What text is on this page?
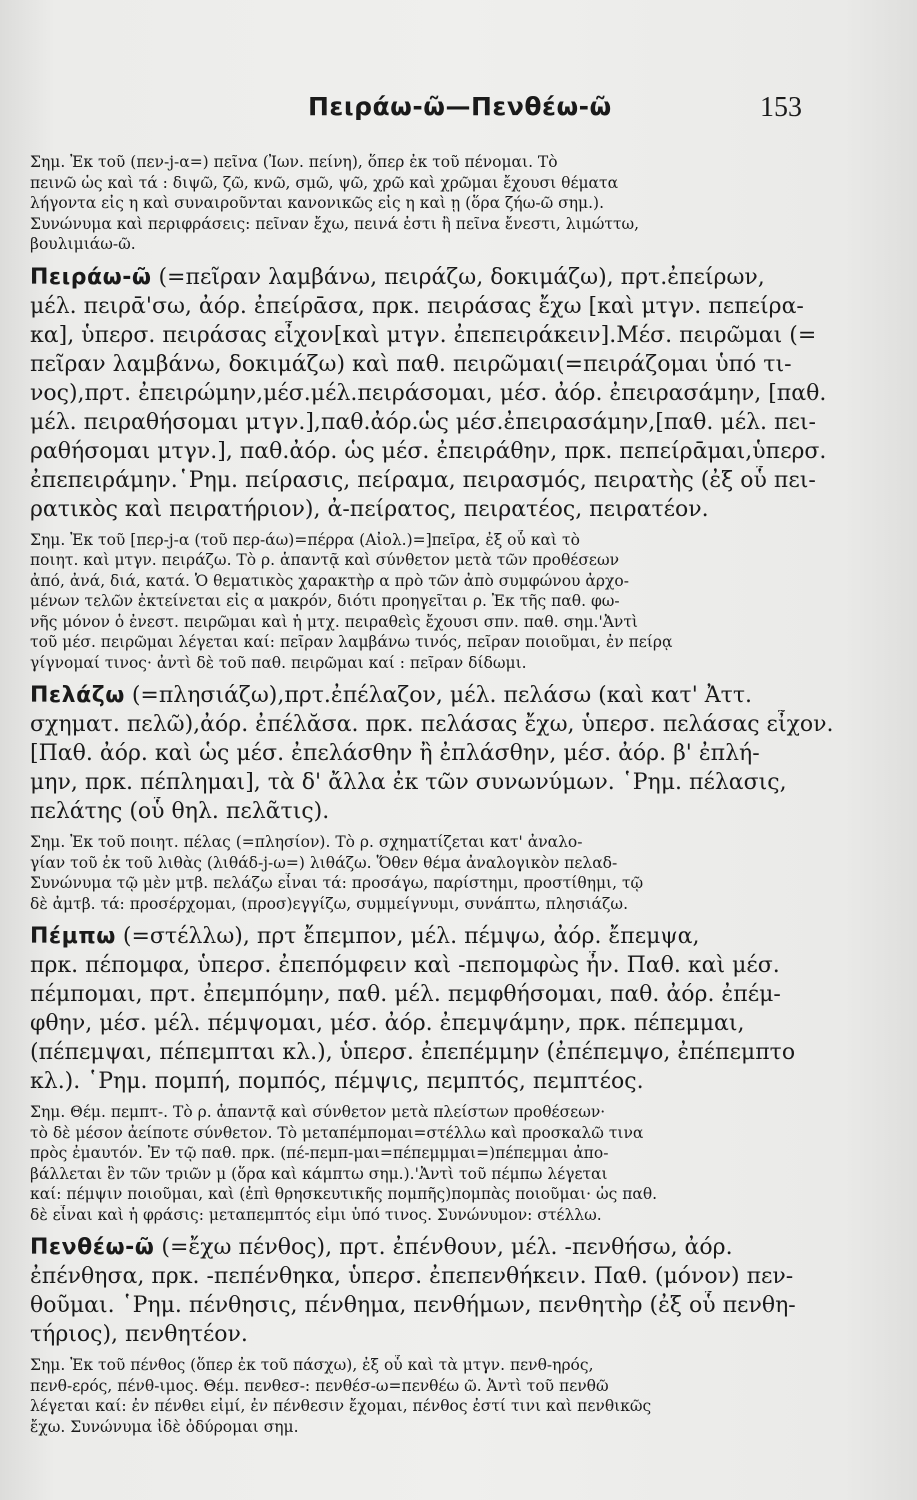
Πειράω-ῶ—Πενθέω-ῶ	153
Σημ. Ἐκ τοῦ (πεν-j-α=) πεῖνα (Ἰων. πείνη), ὅπερ ἐκ τοῦ πένομαι. Τὸ
πεινῶ ὡς καὶ τά : διψῶ, ζῶ, κνῶ, σμῶ, ψῶ, χρῶ καὶ χρῶμαι ἔχουσι θέματα
λήγοντα εἰς η καὶ συναιροῦνται κανονικῶς εἰς η καὶ ῃ (ὅρα ζήω-ῶ σημ.).
Συνώνυμα καὶ περιφράσεις: πεῖναν ἔχω, πεινά ἐστι ἢ πεῖνα ἔνεστι, λιμώττω,
βουλιμιάω-ῶ.
Πειράω-ῶ (=πεῖραν λαμβάνω, πειράζω, δοκιμάζω), πρτ.ἐπείρων,
μέλ. πειρᾱ'σω, ἀόρ. ἐπείρᾱσα, πρκ. πειράσας ἔχω [καὶ μτγν. πεπείρα-
κα], ὑπερσ. πειράσας εἶχον[καὶ μτγν. ἐπεπειράκειν].Μέσ. πειρῶμαι (=
πεῖραν λαμβάνω, δοκιμάζω) καὶ παθ. πειρῶμαι(=πειράζομαι ὑπό τι-
νος),πρτ. ἐπειρώμην,μέσ.μέλ.πειράσομαι, μέσ. ἀόρ. ἐπειρασάμην, [παθ.
μέλ. πειραθήσομαι μτγν.],παθ.ἀόρ.ὡς μέσ.ἐπειρασάμην,[παθ. μέλ. πει-
ραθήσομαι μτγν.], παθ.ἀόρ. ὡς μέσ. ἐπειράθην, πρκ. πεπείρᾱμαι,ὑπερσ.
ἐπεπειράμην.῾Ρημ. πείρασις, πείραμα, πειρασμός, πειρατὴς (ἐξ οὗ πει-
ρατικὸς καὶ πειρατήριον), ἀ-πείρατος, πειρατέος, πειρατέον.
Σημ. Ἐκ τοῦ [περ-j-α (τοῦ περ-άω)=πέρρα (Αἰολ.)=]πεῖρα, ἐξ οὗ καὶ τὸ
ποιητ. καὶ μτγν. πειράζω. Τὸ ρ. ἁπαντᾷ καὶ σύνθετον μετὰ τῶν προθέσεων
ἀπό, ἀνά, διά, κατά. Ὁ θεματικὸς χαρακτὴρ α πρὸ τῶν ἀπὸ συμφώνου ἀρχο-
μένων τελῶν ἐκτείνεται εἰς α μακρόν, διότι προηγεῖται ρ. Ἐκ τῆς παθ. φω-
νῆς μόνον ὁ ἐνεστ. πειρῶμαι καὶ ἡ μτχ. πειραθεὶς ἔχουσι σπν. παθ. σημ.'Ἀντὶ
τοῦ μέσ. πειρῶμαι λέγεται καί: πεῖραν λαμβάνω τινός, πεῖραν ποιοῦμαι, ἐν πείρᾳ
γίγνομαί τινος· ἀντὶ δὲ τοῦ παθ. πειρῶμαι καί : πεῖραν δίδωμι.
Πελάζω (=πλησιάζω),πρτ.ἐπέλαζον, μέλ. πελάσω (καὶ κατ' Ἀττ.
σχηματ. πελῶ),ἀόρ. ἐπέλᾰσα. πρκ. πελάσας ἔχω, ὑπερσ. πελάσας εἶχον.
[Παθ. ἀόρ. καὶ ὡς μέσ. ἐπελάσθην ἢ ἐπλάσθην, μέσ. ἀόρ. β' ἐπλή-
μην, πρκ. πέπλημαι], τὰ δ' ἄλλα ἐκ τῶν συνωνύμων. ῾Ρημ. πέλασις,
πελάτης (οὗ θηλ. πελᾶτις).
Σημ. Ἐκ τοῦ ποιητ. πέλας (=πλησίον). Τὸ ρ. σχηματίζεται κατ' ἀναλο-
γίαν τοῦ ἐκ τοῦ λιθὰς (λιθάδ-j-ω=) λιθάζω. Ὅθεν θέμα ἀναλογικὸν πελαδ-
Συνώνυμα τῷ μὲν μτβ. πελάζω εἶναι τά: προσάγω, παρίστημι, προστίθημι, τῷ
δὲ ἀμτβ. τά: προσέρχομαι, (προσ)εγγίζω, συμμείγνυμι, συνάπτω, πλησιάζω.
Πέμπω (=στέλλω), πρτ ἔπεμπον, μέλ. πέμψω, ἀόρ. ἔπεμψα,
πρκ. πέπομφα, ὑπερσ. ἐπεπόμφειν καὶ -πεπομφὼς ἦν. Παθ. καὶ μέσ.
πέμπομαι, πρτ. ἐπεμπόμην, παθ. μέλ. πεμφθήσομαι, παθ. ἀόρ. ἐπέμ-
φθην, μέσ. μέλ. πέμψομαι, μέσ. ἀόρ. ἐπεμψάμην, πρκ. πέπεμμαι,
(πέπεμψαι, πέπεμπται κλ.), ὑπερσ. ἐπεπέμμην (ἐπέπεμψο, ἐπέπεμπτο
κλ.). ῾Ρημ. πομπή, πομπός, πέμψις, πεμπτός, πεμπτέος.
Σημ. Θέμ. πεμπτ-. Τὸ ρ. ἁπαντᾷ καὶ σύνθετον μετὰ πλείστων προθέσεων·
τὸ δὲ μέσον ἀείποτε σύνθετον. Τὸ μεταπέμπομαι=στέλλω καὶ προσκαλῶ τινα
πρὸς ἐμαυτόν. Ἐν τῷ παθ. πρκ. (πέ-πεμπ-μαι=πέπεμμμαι=)πέπεμμαι ἀπο-
βάλλεται ἓν τῶν τριῶν μ (ὅρα καὶ κάμπτω σημ.).'Ἀντὶ τοῦ πέμπω λέγεται
καί: πέμψιν ποιοῦμαι, καὶ (ἐπὶ θρησκευτικῆς πομπῆς)πομπὰς ποιοῦμαι· ὡς παθ.
δὲ εἶναι καὶ ἡ φράσις: μεταπεμπτός εἰμι ὑπό τινος. Συνώνυμον: στέλλω.
Πενθέω-ῶ (=ἔχω πένθος), πρτ. ἐπένθουν, μέλ. -πενθήσω, ἀόρ.
ἐπένθησα, πρκ. -πεπένθηκα, ὑπερσ. ἐπεπενθήκειν. Παθ. (μόνον) πεν-
θοῦμαι. ῾Ρημ. πένθησις, πένθημα, πενθήμων, πενθητὴρ (ἐξ οὗ πενθη-
τήριος), πενθητέον.
Σημ. Ἐκ τοῦ πένθος (ὅπερ ἐκ τοῦ πάσχω), ἐξ οὗ καὶ τὰ μτγν. πενθ-ηρός,
πενθ-ερός, πένθ-ιμος. Θέμ. πενθεσ-: πενθέσ-ω=πενθέω ῶ. Ἀντὶ τοῦ πενθῶ
λέγεται καί: ἐν πένθει εἰμί, ἐν πένθεσιν ἔχομαι, πένθος ἐστί τινι καὶ πενθικῶς
ἔχω. Συνώνυμα ἰδὲ ὀδύρομαι σημ.
